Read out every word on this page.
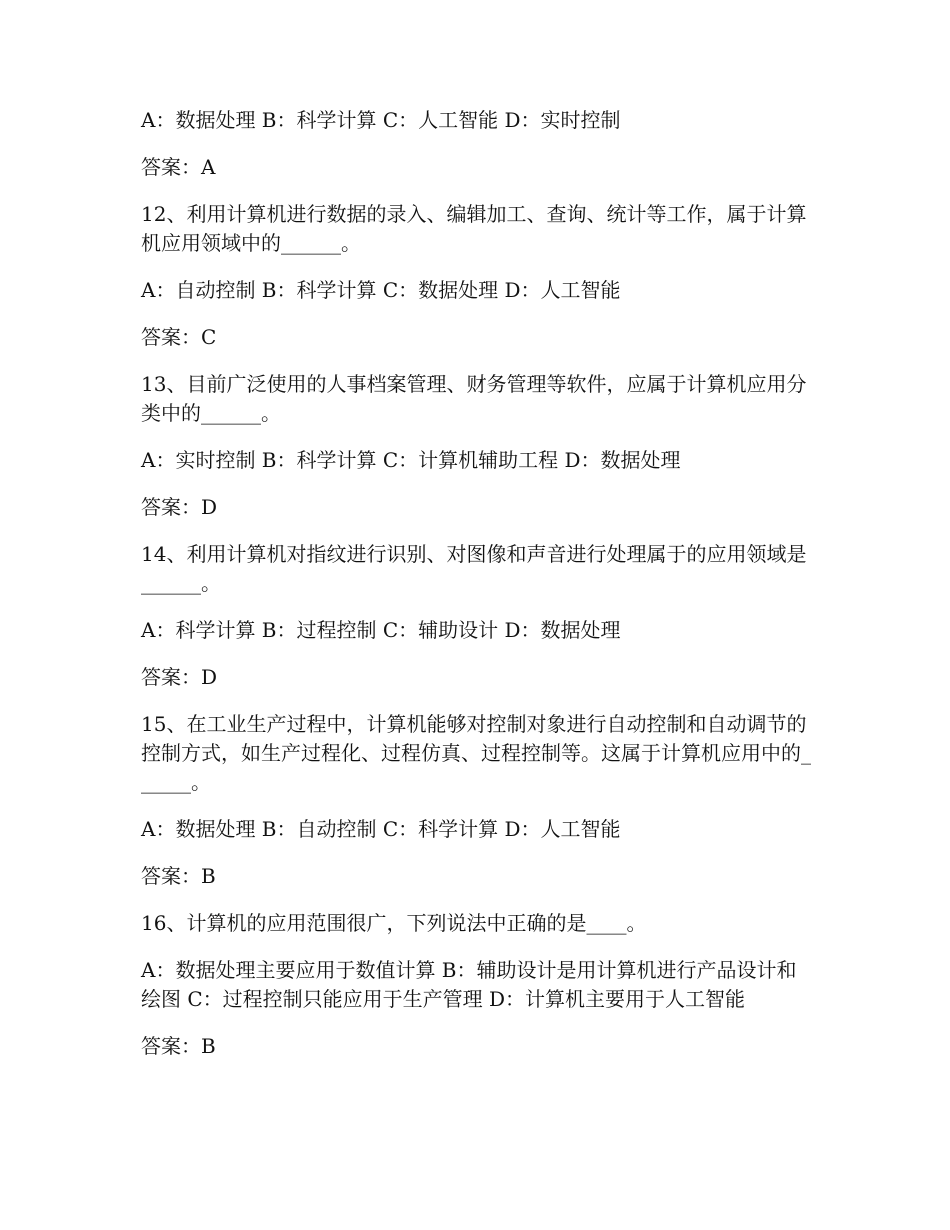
A：数据处理 B：科学计算 C：人工智能 D：实时控制

答案：A

12、利用计算机进行数据的录入、编辑加工、查询、统计等工作，属于计算机应用领域中的______。

A：自动控制 B：科学计算 C：数据处理 D：人工智能

答案：C

13、目前广泛使用的人事档案管理、财务管理等软件，应属于计算机应用分类中的______。

A：实时控制 B：科学计算 C：计算机辅助工程 D：数据处理

答案：D

14、利用计算机对指纹进行识别、对图像和声音进行处理属于的应用领域是______。

A：科学计算 B：过程控制 C：辅助设计 D：数据处理

答案：D

15、在工业生产过程中，计算机能够对控制对象进行自动控制和自动调节的控制方式，如生产过程化、过程仿真、过程控制等。这属于计算机应用中的______。

A：数据处理 B：自动控制 C：科学计算 D：人工智能

答案：B

16、计算机的应用范围很广，下列说法中正确的是____。

A：数据处理主要应用于数值计算 B：辅助设计是用计算机进行产品设计和绘图 C：过程控制只能应用于生产管理 D：计算机主要用于人工智能

答案：B
